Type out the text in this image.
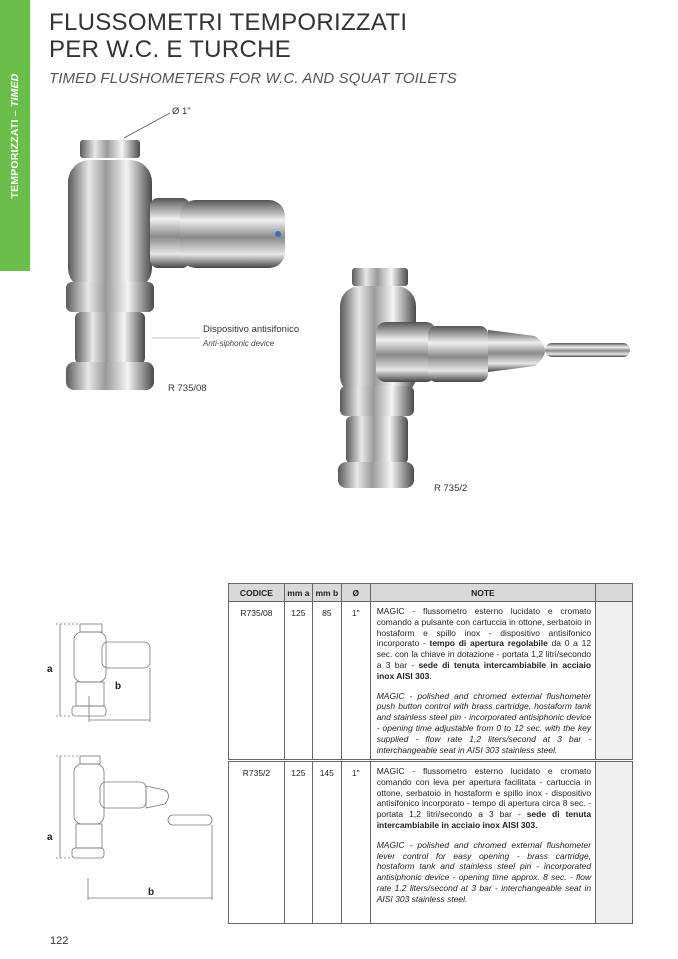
TEMPORIZZATI – TIMED
FLUSSOMETRI TEMPORIZZATI
PER W.C. E TURCHE
TIMED FLUSHOMETERS FOR W.C. AND SQUAT TOILETS
Ø 1"
Dispositivo antisifonico
Anti-siphonic device
R 735/08
R 735/2
CODICE	mm a	mm b	Ø	NOTE	
R735/08	125	85	1"	MAGIC - flussometro esterno lucidato e cromato comando a pulsante con cartuccia in ottone, serbatoio in hostaform e spillo inox - dispositivo antisifonico incorporato - tempo di apertura regolabile da 0 a 12 sec. con la chiave in dotazione - portata 1,2 litri/secondo a 3 bar - sede di tenuta intercambiabile in acciaio inox AISI 303.

MAGIC - polished and chromed external flushometer push button control with brass cartridge, hostaform tank and stainless steel pin - incorporated antisiphonic device - opening time adjustable from 0 to 12 sec. with the key supplied - flow rate 1,2 liters/second at 3 bar - interchangeable seat in AISI 303 stainless steel.	

R735/2	125	145	1"	MAGIC - flussometro esterno lucidato e cromato comando con leva per apertura facilitata - cartuccia in ottone, serbatoio in hostaform e spillo inox - dispositivo antisifonico incorporato - tempo di apertura circa 8 sec. - portata 1,2 litri/secondo a 3 bar - sede di tenuta intercambiabile in acciaio inox AISI 303.

MAGIC - polished and chromed external flushometer lever control for easy opening - brass cartridge, hostaform tank and stainless steel pin - incorporated antisiphonic device - opening time approx. 8 sec. - flow rate 1.2 liters/second at 3 bar - interchangeable seat in AISI 303 stainless steel.

a
b
a
b
122
